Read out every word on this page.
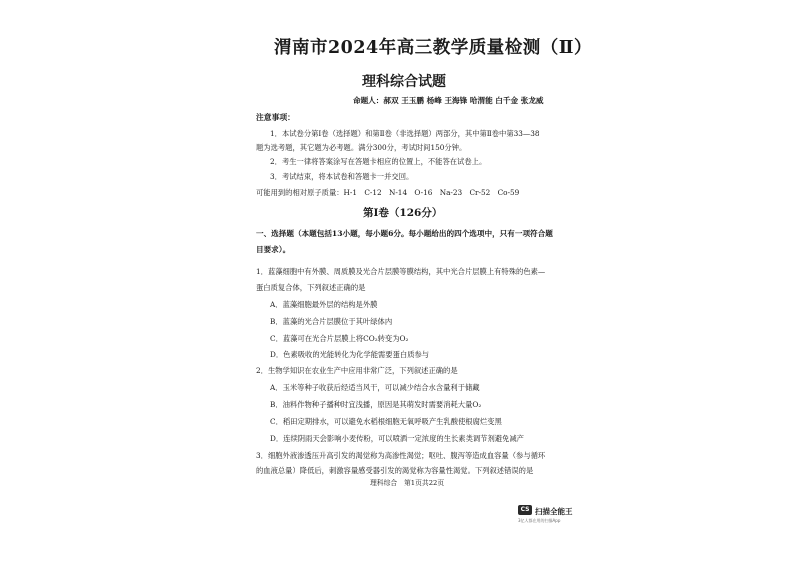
渭南市2024年高三教学质量检测（Ⅱ）
理科综合试题
命题人：郝双 王玉鹏 杨峰 王海锋 哈渭能 白千金 张龙威
注意事项：
1．本试卷分第Ⅰ卷（选择题）和第Ⅱ卷（非选择题）两部分，其中第Ⅱ卷中第33—38
题为选考题，其它题为必考题。满分300分，考试时间150分钟。
2．考生一律将答案涂写在答题卡相应的位置上，不能答在试卷上。
3．考试结束，将本试卷和答题卡一并交回。
可能用到的相对原子质量：H-1　C-12　N-14　O-16　Na-23　Cr-52　Co-59
第Ⅰ卷（126分）
一、选择题（本题包括13小题，每小题6分。每小题给出的四个选项中，只有一项符合题
目要求）。
1．蓝藻细胞中有外膜、周质膜及光合片层膜等膜结构，其中光合片层膜上有特殊的色素—
蛋白质复合体，下列叙述正确的是
A．蓝藻细胞最外层的结构是外膜
B．蓝藻的光合片层膜位于其叶绿体内
C．蓝藻可在光合片层膜上将CO₂转变为O₂
D．色素吸收的光能转化为化学能需要蛋白质参与
2．生物学知识在农业生产中应用非常广泛，下列叙述正确的是
A．玉米等种子收获后经适当风干，可以减少结合水含量利于储藏
B．油料作物种子播种时宜浅播，原因是其萌发时需要消耗大量O₂
C．稻田定期排水，可以避免水稻根细胞无氧呼吸产生乳酸使根腐烂变黑
D．连续阴雨天会影响小麦传粉，可以喷洒一定浓度的生长素类调节剂避免减产
3．细胞外液渗透压升高引发的渴觉称为高渗性渴觉；呕吐、腹泻等造成血容量（参与循环
的血液总量）降低后，刺激容量感受器引发的渴觉称为容量性渴觉。下列叙述错误的是
理科综合　第1页共22页
CS 扫描全能王
3亿人都在用的扫描App
